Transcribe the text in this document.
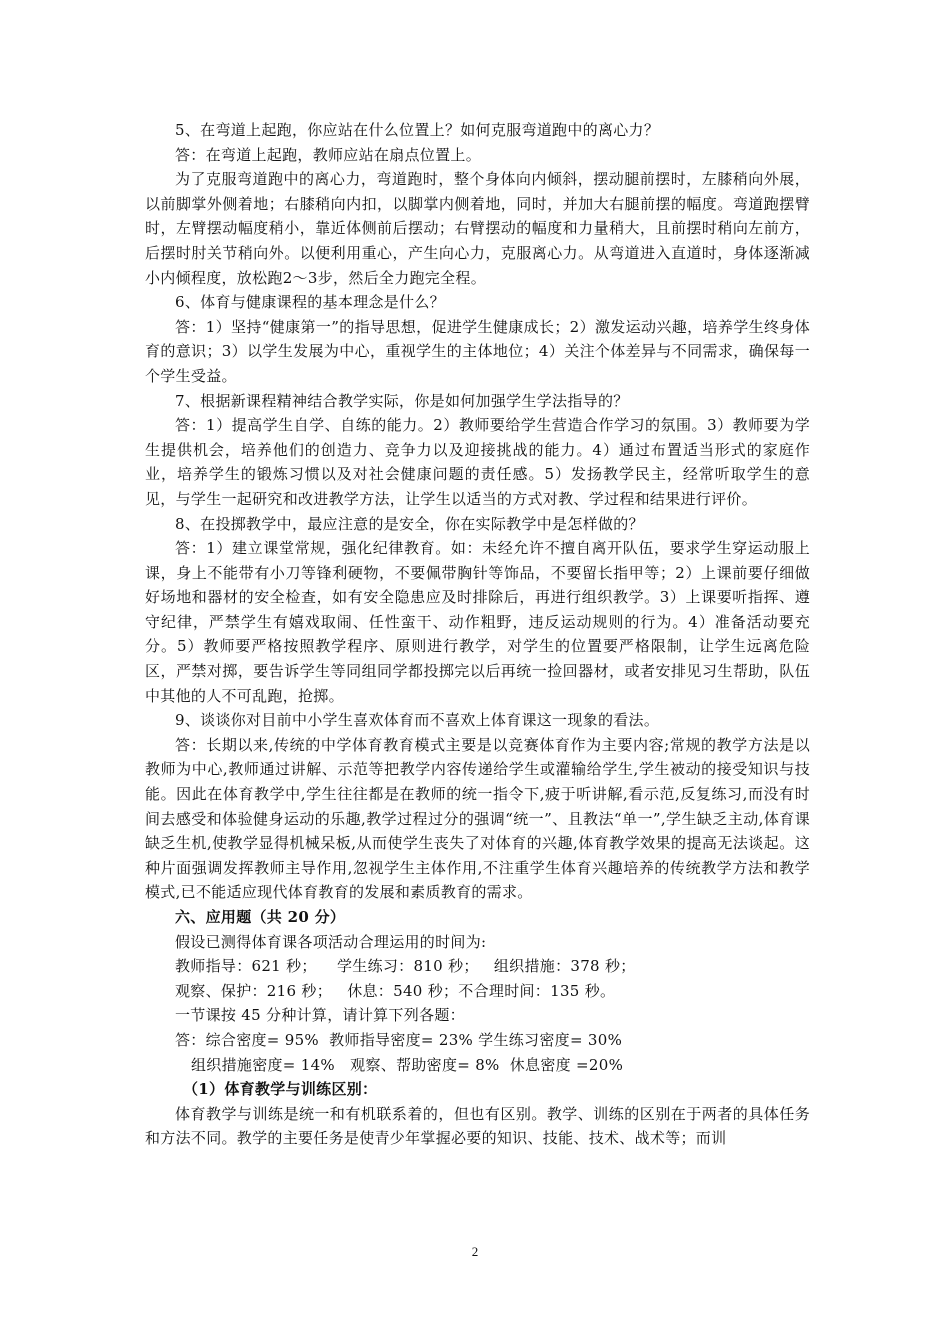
5、在弯道上起跑，你应站在什么位置上？如何克服弯道跑中的离心力？

答：在弯道上起跑，教师应站在扇点位置上。

为了克服弯道跑中的离心力，弯道跑时，整个身体向内倾斜，摆动腿前摆时，左膝稍向外展，以前脚掌外侧着地；右膝稍向内扣，以脚掌内侧着地，同时，并加大右腿前摆的幅度。弯道跑摆臂时，左臂摆动幅度稍小，靠近体侧前后摆动；右臂摆动的幅度和力量稍大，且前摆时稍向左前方，后摆时肘关节稍向外。以便利用重心，产生向心力，克服离心力。从弯道进入直道时，身体逐渐减小内倾程度，放松跑2～3步，然后全力跑完全程。

6、体育与健康课程的基本理念是什么？

答：1）坚持“健康第一”的指导思想，促进学生健康成长；2）激发运动兴趣，培养学生终身体育的意识；3）以学生发展为中心，重视学生的主体地位；4）关注个体差异与不同需求，确保每一个学生受益。

7、根据新课程精神结合教学实际，你是如何加强学生学法指导的？

答：1）提高学生自学、自练的能力。2）教师要给学生营造合作学习的氛围。3）教师要为学生提供机会，培养他们的创造力、竞争力以及迎接挑战的能力。4）通过布置适当形式的家庭作业，培养学生的锻炼习惯以及对社会健康问题的责任感。5）发扬教学民主，经常听取学生的意见，与学生一起研究和改进教学方法，让学生以适当的方式对教、学过程和结果进行评价。

8、在投掷教学中，最应注意的是安全，你在实际教学中是怎样做的？

答：1）建立课堂常规，强化纪律教育。如：未经允许不擅自离开队伍，要求学生穿运动服上课，身上不能带有小刀等锋利硬物，不要佩带胸针等饰品，不要留长指甲等；2）上课前要仔细做好场地和器材的安全检查，如有安全隐患应及时排除后，再进行组织教学。3）上课要听指挥、遵守纪律，严禁学生有嬉戏取闹、任性蛮干、动作粗野，违反运动规则的行为。4）准备活动要充分。5）教师要严格按照教学程序、原则进行教学，对学生的位置要严格限制，让学生远离危险区，严禁对掷，要告诉学生等同组同学都投掷完以后再统一捡回器材，或者安排见习生帮助，队伍中其他的人不可乱跑，抢掷。

9、谈谈你对目前中小学生喜欢体育而不喜欢上体育课这一现象的看法。

答：长期以来,传统的中学体育教育模式主要是以竞赛体育作为主要内容;常规的教学方法是以教师为中心,教师通过讲解、示范等把教学内容传递给学生或灌输给学生,学生被动的接受知识与技能。因此在体育教学中,学生往往都是在教师的统一指令下,疲于听讲解,看示范,反复练习,而没有时间去感受和体验健身运动的乐趣,教学过程过分的强调“统一”、且教法“单一”,学生缺乏主动,体育课缺乏生机,使教学显得机械呆板,从而使学生丧失了对体育的兴趣,体育教学效果的提高无法谈起。这种片面强调发挥教师主导作用,忽视学生主体作用,不注重学生体育兴趣培养的传统教学方法和教学模式,已不能适应现代体育教育的发展和素质教育的需求。

六、应用题（共 20 分）

假设已测得体育课各项活动合理运用的时间为:

教师指导：621 秒；    学生练习：810 秒；   组织措施：378 秒；

观察、保护：216 秒；   休息：540 秒；不合理时间：135 秒。

一节课按 45 分种计算，请计算下列各题：

答：综合密度= 95%  教师指导密度= 23% 学生练习密度= 30%

组织措施密度= 14%   观察、帮助密度= 8%  休息密度 =20%

（1）体育教学与训练区别：

体育教学与训练是统一和有机联系着的，但也有区别。教学、训练的区别在于两者的具体任务和方法不同。教学的主要任务是使青少年掌握必要的知识、技能、技术、战术等；而训

2
